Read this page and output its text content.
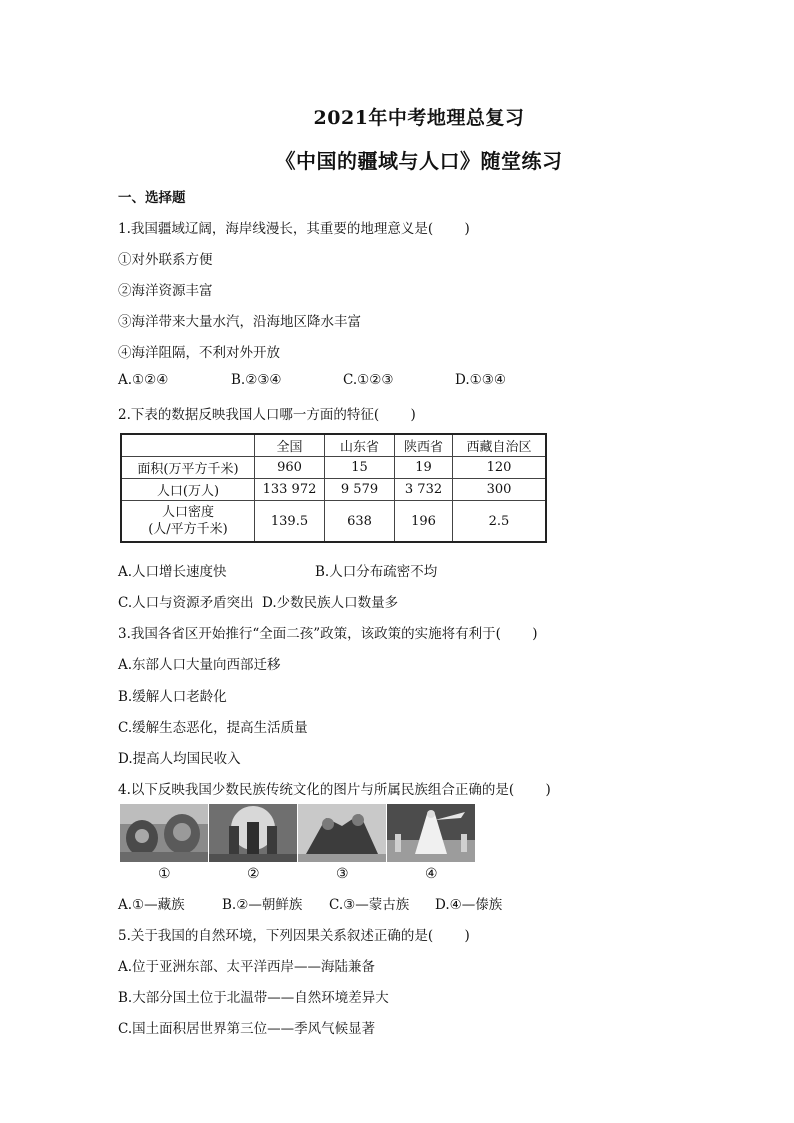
2021年中考地理总复习
《中国的疆域与人口》随堂练习
一、选择题
1.我国疆域辽阔，海岸线漫长，其重要的地理意义是(　　 )
①对外联系方便
②海洋资源丰富
③海洋带来大量水汽，沿海地区降水丰富
④海洋阻隔，不利对外开放
A.①②④	B.②③④	C.①②③	D.①③④
2.下表的数据反映我国人口哪一方面的特征(　　 )
	全国	山东省	陕西省	西藏自治区
面积(万平方千米)	960	15	19	120
人口(万人)	133 972	9 579	3 732	300
人口密度
(人/平方千米)	139.5	638	196	2.5
A.人口增长速度快	B.人口分布疏密不均
C.人口与资源矛盾突出 D.少数民族人口数量多
3.我国各省区开始推行“全面二孩”政策，该政策的实施将有利于(　　 )
A.东部人口大量向西部迁移
B.缓解人口老龄化
C.缓解生态恶化，提高生活质量
D.提高人均国民收入
4.以下反映我国少数民族传统文化的图片与所属民族组合正确的是(　　 )
①	②	③	④
A.①—藏族	B.②—朝鲜族 C.③—蒙古族 D.④—傣族
5.关于我国的自然环境，下列因果关系叙述正确的是(　　 )
A.位于亚洲东部、太平洋西岸——海陆兼备
B.大部分国土位于北温带——自然环境差异大
C.国土面积居世界第三位——季风气候显著
